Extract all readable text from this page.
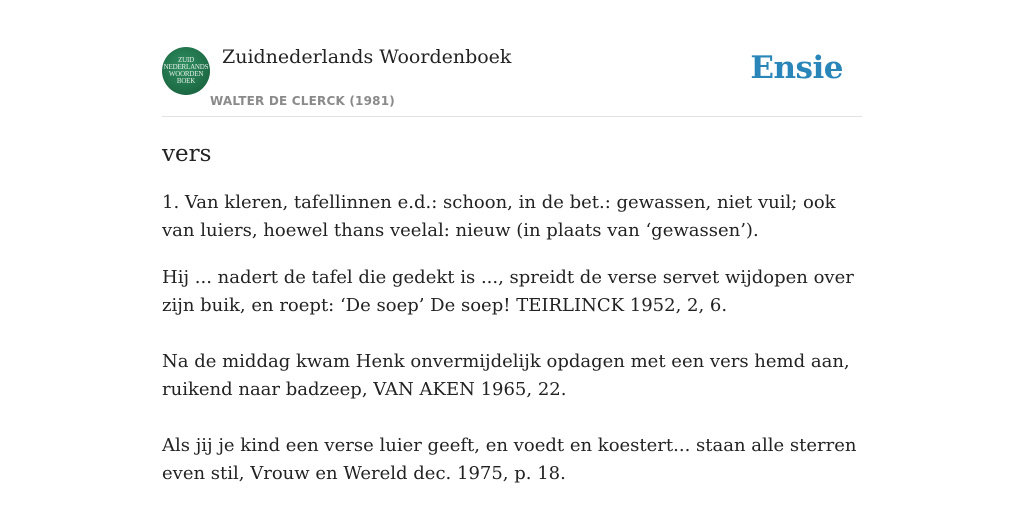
ZUID
NEDERLANDS
WOORDEN
BOEK
Zuidnederlands Woordenboek
WALTER DE CLERCK (1981)
Ensie
vers

1. Van kleren, tafellinnen e.d.: schoon, in de bet.: gewassen, niet vuil; ook van luiers, hoewel thans veelal: nieuw (in plaats van ‘gewassen’).

Hij ... nadert de tafel die gedekt is ..., spreidt de verse servet wijdopen over zijn buik, en roept: ‘De soep’ De soep! TEIRLINCK 1952, 2, 6.

Na de middag kwam Henk onvermijdelijk opdagen met een vers hemd aan, ruikend naar badzeep, VAN AKEN 1965, 22.

Als jij je kind een verse luier geeft, en voedt en koestert... staan alle sterren even stil, Vrouw en Wereld dec. 1975, p. 18.
